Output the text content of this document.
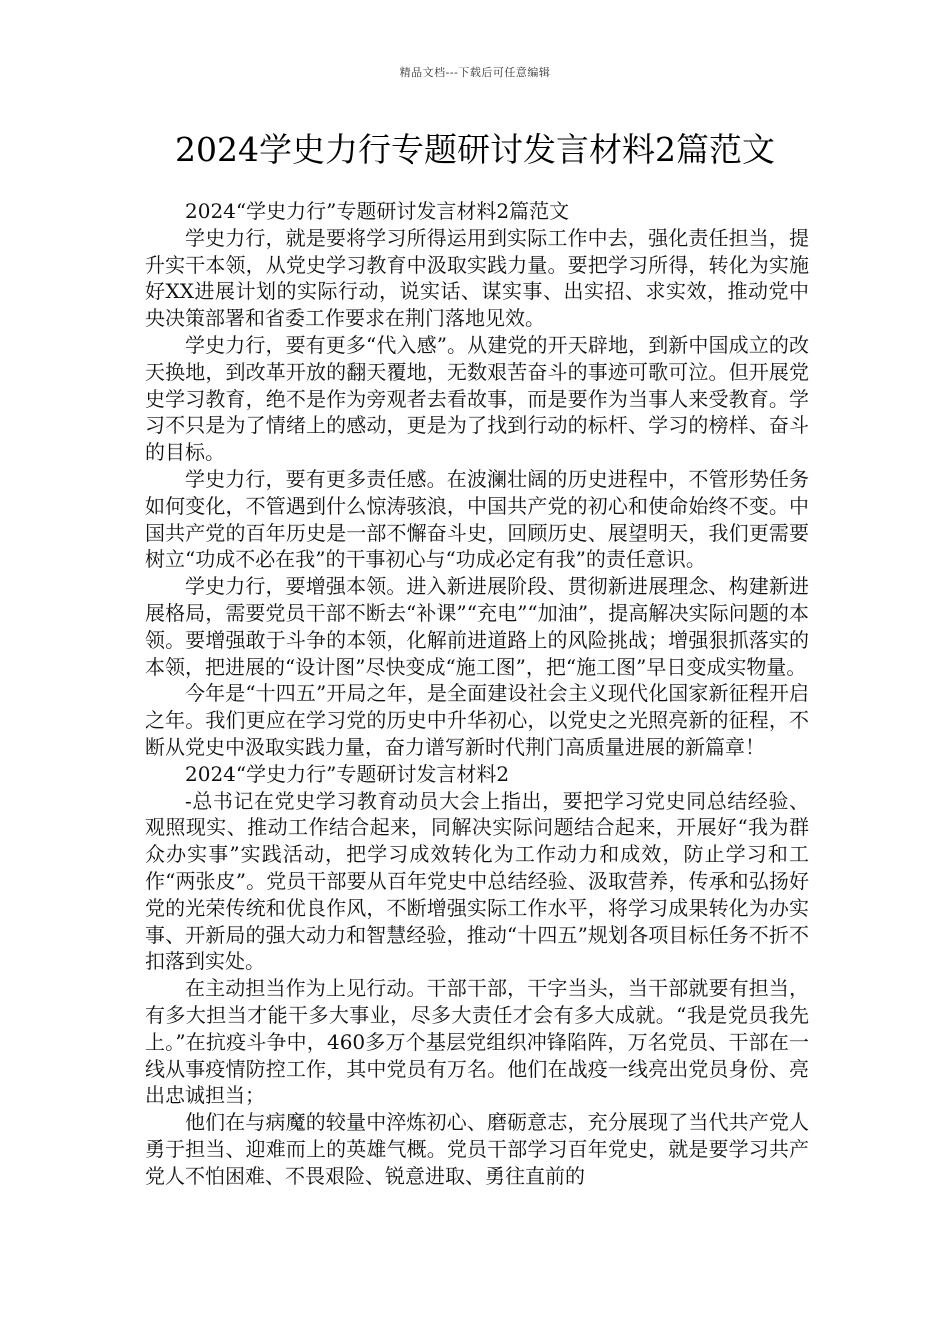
精品文档---下载后可任意编辑
2024学史力行专题研讨发言材料2篇范文

2024“学史力行”专题研讨发言材料2篇范文

学史力行，就是要将学习所得运用到实际工作中去，强化责任担当，提升实干本领，从党史学习教育中汲取实践力量。要把学习所得，转化为实施好XX进展计划的实际行动，说实话、谋实事、出实招、求实效，推动党中央决策部署和省委工作要求在荆门落地见效。

学史力行，要有更多“代入感”。从建党的开天辟地，到新中国成立的改天换地，到改革开放的翻天覆地，无数艰苦奋斗的事迹可歌可泣。但开展党史学习教育，绝不是作为旁观者去看故事，而是要作为当事人来受教育。学习不只是为了情绪上的感动，更是为了找到行动的标杆、学习的榜样、奋斗的目标。

学史力行，要有更多责任感。在波澜壮阔的历史进程中，不管形势任务如何变化，不管遇到什么惊涛骇浪，中国共产党的初心和使命始终不变。中国共产党的百年历史是一部不懈奋斗史，回顾历史、展望明天，我们更需要树立“功成不必在我”的干事初心与“功成必定有我”的责任意识。

学史力行，要增强本领。进入新进展阶段、贯彻新进展理念、构建新进展格局，需要党员干部不断去“补课”“充电”“加油”，提高解决实际问题的本领。要增强敢于斗争的本领，化解前进道路上的风险挑战；增强狠抓落实的本领，把进展的“设计图”尽快变成“施工图”，把“施工图”早日变成实物量。

今年是“十四五”开局之年，是全面建设社会主义现代化国家新征程开启之年。我们更应在学习党的历史中升华初心，以党史之光照亮新的征程，不断从党史中汲取实践力量，奋力谱写新时代荆门高质量进展的新篇章！

2024“学史力行”专题研讨发言材料2

-总书记在党史学习教育动员大会上指出，要把学习党史同总结经验、观照现实、推动工作结合起来，同解决实际问题结合起来，开展好“我为群众办实事”实践活动，把学习成效转化为工作动力和成效，防止学习和工作“两张皮”。党员干部要从百年党史中总结经验、汲取营养，传承和弘扬好党的光荣传统和优良作风，不断增强实际工作水平，将学习成果转化为办实事、开新局的强大动力和智慧经验，推动“十四五”规划各项目标任务不折不扣落到实处。

在主动担当作为上见行动。干部干部，干字当头，当干部就要有担当，有多大担当才能干多大事业，尽多大责任才会有多大成就。“我是党员我先上。”在抗疫斗争中，460多万个基层党组织冲锋陷阵，万名党员、干部在一线从事疫情防控工作，其中党员有万名。他们在战疫一线亮出党员身份、亮出忠诚担当；

他们在与病魔的较量中淬炼初心、磨砺意志，充分展现了当代共产党人勇于担当、迎难而上的英雄气概。党员干部学习百年党史，就是要学习共产党人不怕困难、不畏艰险、锐意进取、勇往直前的
